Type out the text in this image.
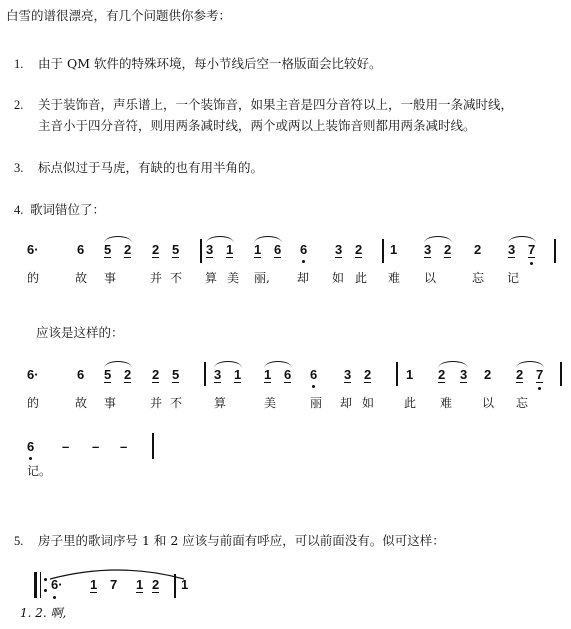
白雪的谱很漂亮，有几个问题供你参考：
1. 由于 QM 软件的特殊环境，每小节线后空一格版面会比较好。
2. 关于装饰音，声乐谱上，一个装饰音，如果主音是四分音符以上，一般用一条减时线，
主音小于四分音符，则用两条减时线，两个或两以上装饰音则都用两条减时线。
3. 标点似过于马虎，有缺的也有用半角的。
4. 歌词错位了：
6·	6 5 2 2 5 3 1 1 6 6 3 2 1 3 2 2 3 7
的	故 事	并 不 算 美 丽, 却 如 此 难 以	忘 记
应该是这样的：
6·	6 5 2 2 5	3 1 1 6 6 3 2	1 2 3 2 2 7
的	故 事	并 不	算	美	丽 却 如 此 难 以 忘
6 – – –
记。
5. 房子里的歌词序号 1 和 2 应该与前面有呼应，可以前面没有。似可这样：
6· 1 7 1 2 1
1. 2. 啊,
